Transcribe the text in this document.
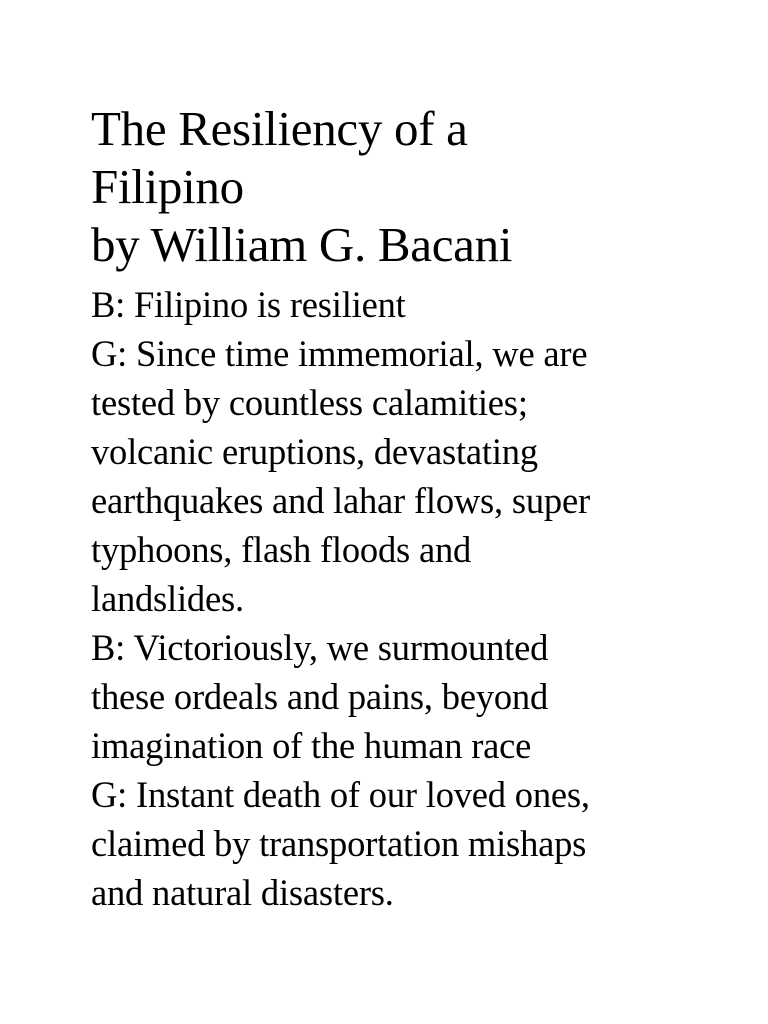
The Resiliency of a
Filipino
by William G. Bacani
B: Filipino is resilient
G: Since time immemorial, we are
tested by countless calamities;
volcanic eruptions, devastating
earthquakes and lahar flows, super
typhoons, flash floods and
landslides.
B: Victoriously, we surmounted
these ordeals and pains, beyond
imagination of the human race
G: Instant death of our loved ones,
claimed by transportation mishaps
and natural disasters.
